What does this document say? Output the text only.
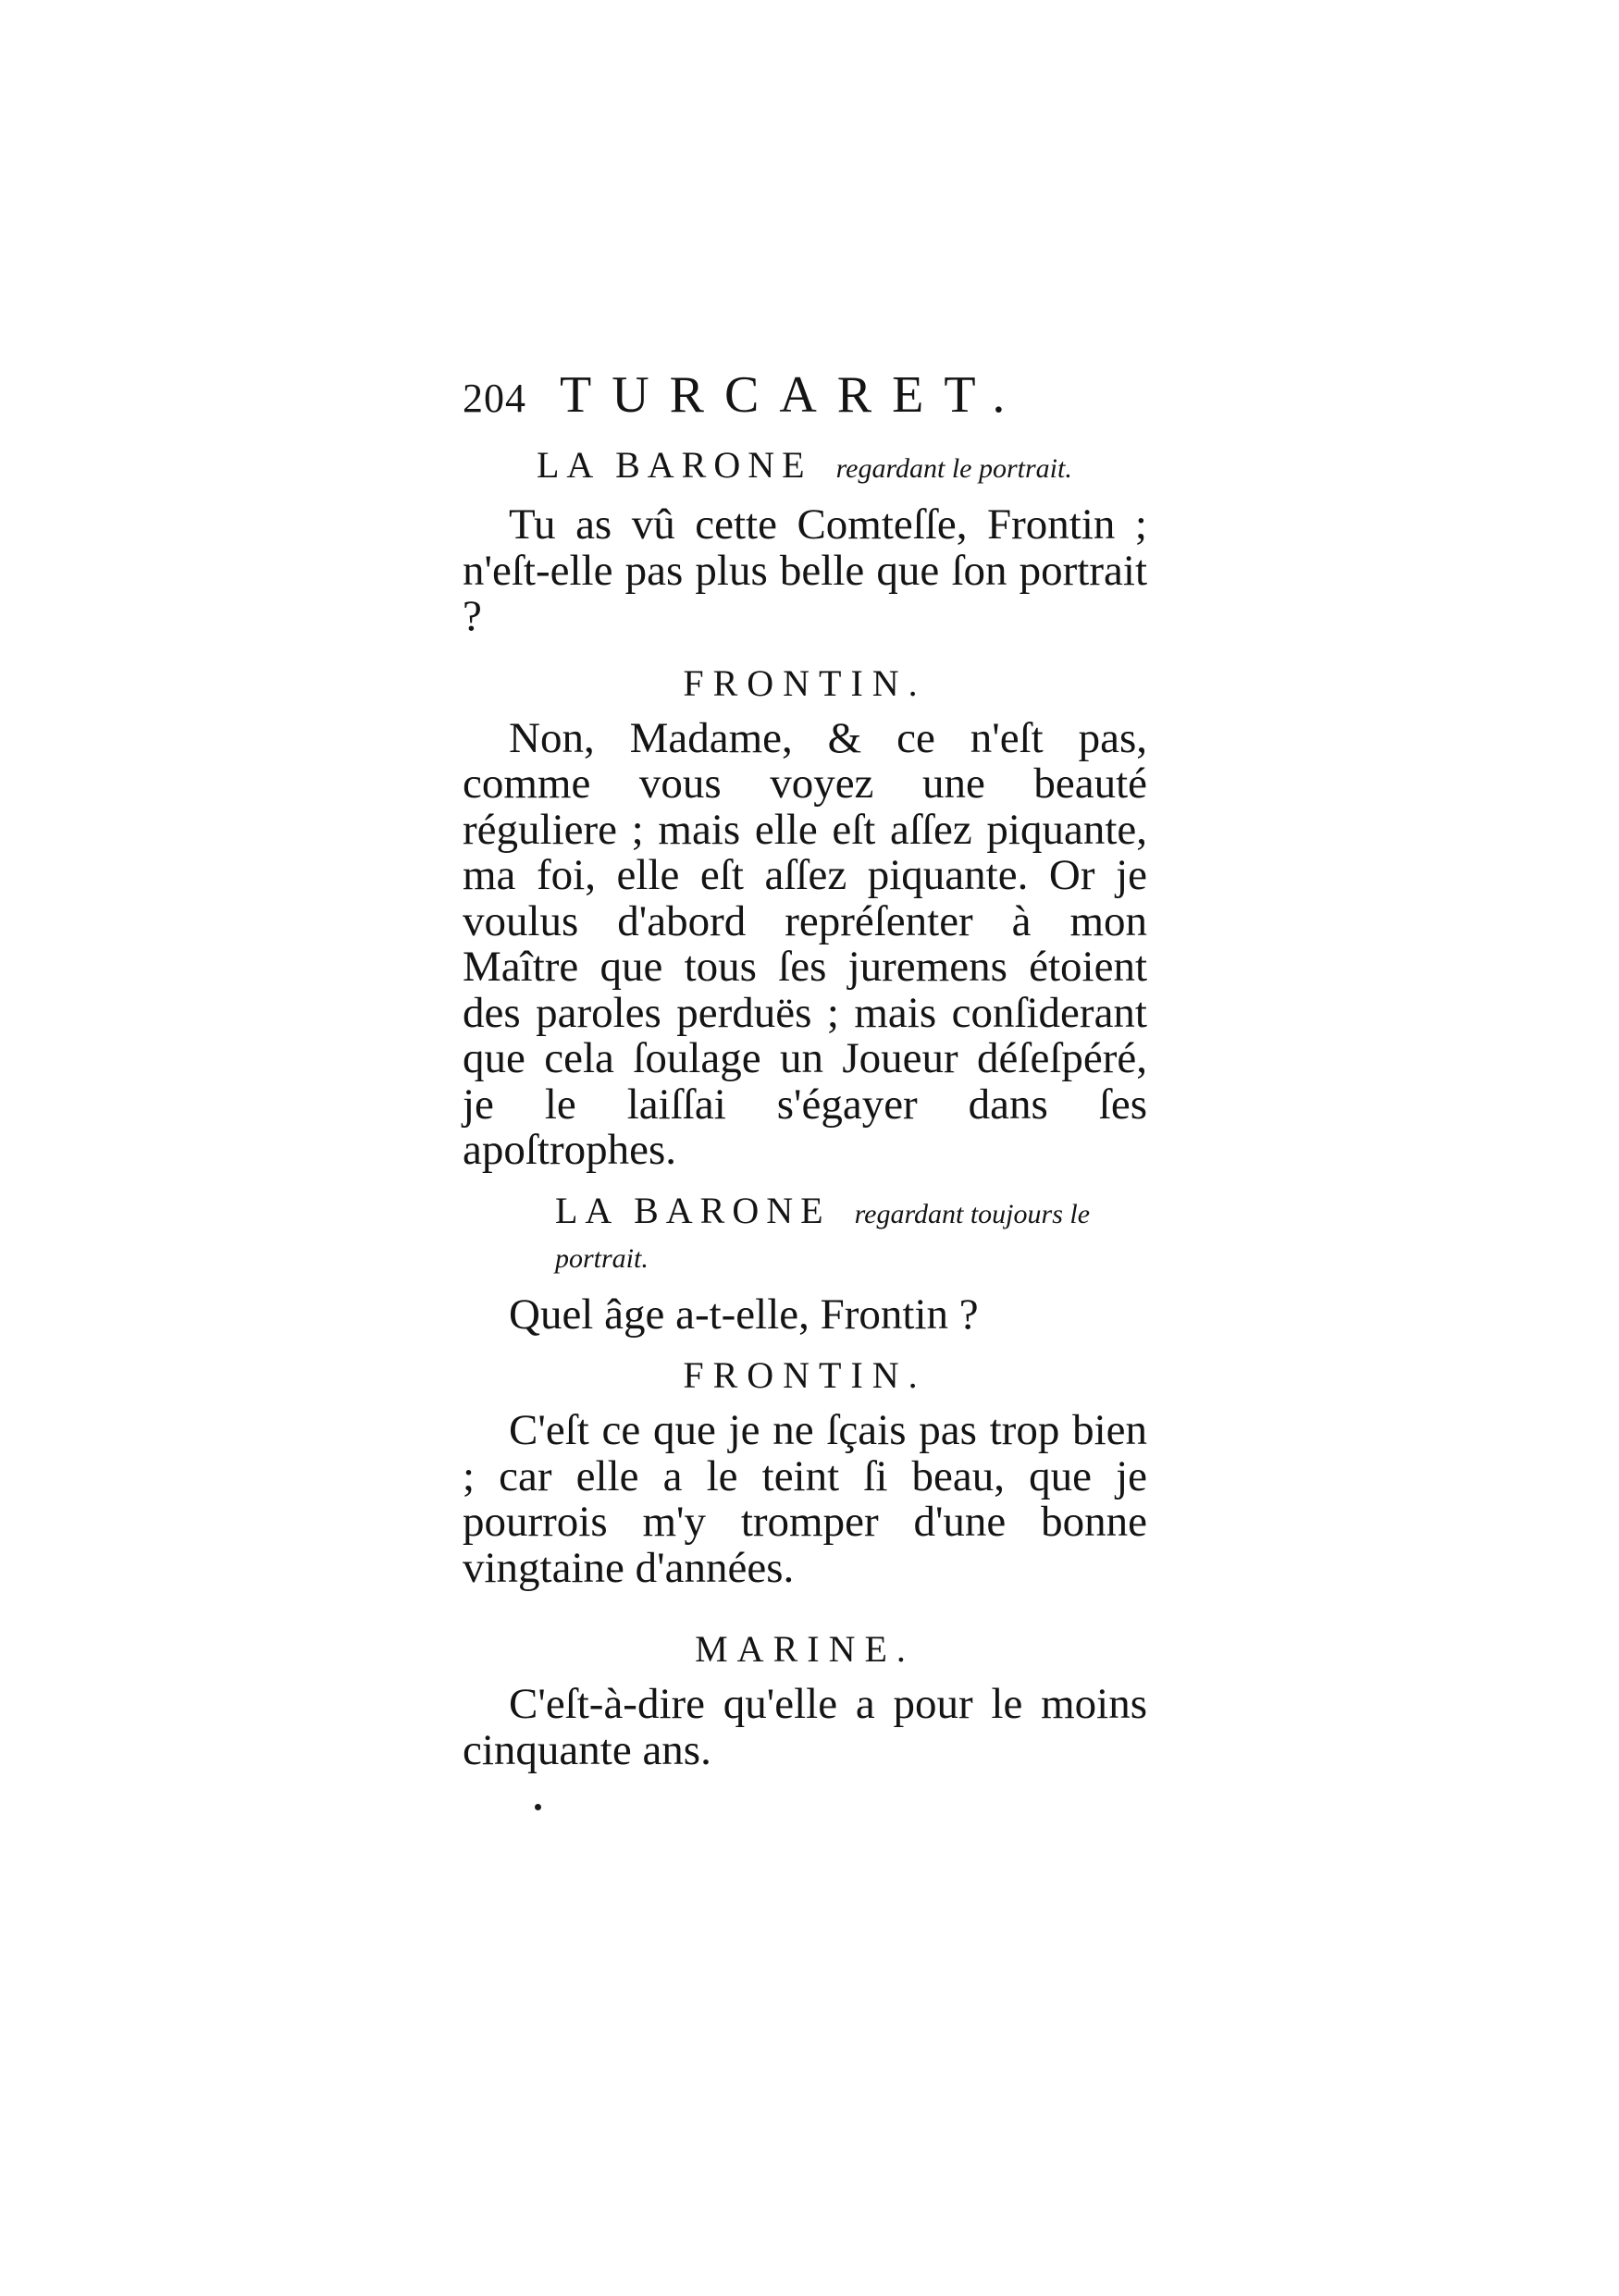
204 TURCARET.
LA BARONE regardant le portrait.

Tu as vû cette Comteſſe, Frontin ; n'eſt-elle pas plus belle que ſon portrait ?

FRONTIN.

Non, Madame, & ce n'eſt pas, comme vous voyez une beauté réguliere ; mais elle eſt aſſez piquante, ma foi, elle eſt aſſez piquante. Or je voulus d'abord repréſenter à mon Maître que tous ſes juremens étoient des paroles perduës ; mais conſiderant que cela ſoulage un Joueur déſeſpéré, je le laiſſai s'égayer dans ſes apoſtrophes.

LA BARONE regardant toujours le portrait.

Quel âge a-t-elle, Frontin ?

FRONTIN.

C'eſt ce que je ne ſçais pas trop bien ; car elle a le teint ſi beau, que je pourrois m'y tromper d'une bonne vingtaine d'années.

MARINE.

C'eſt-à-dire qu'elle a pour le moins cinquante ans.
